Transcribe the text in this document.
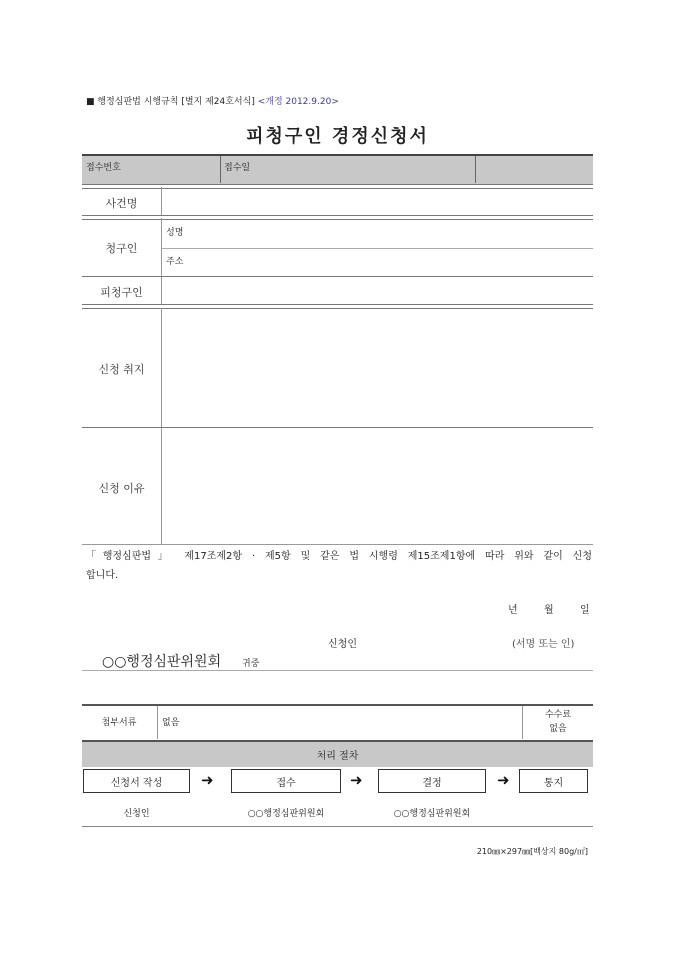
■ 행정심판법 시행규칙 [별지 제24호서식] <개정 2012.9.20>
피청구인 경정신청서
접수번호	접수일
사건명
청구인
성명
주소
피청구인
신청 취지
신청 이유
「행정심판법」 제17조제2항 · 제5항 및 같은 법 시행령 제15조제1항에 따라 위와 같이 신청
합니다.
년	월	일
신청인	(서명 또는 인)
○○행정심판위원회 귀중
첨부서류	없음
수수료
없음
처리 절차
신청서 작성	➜	접수	➜	결정	➜	통지
신청인	○○행정심판위원회	○○행정심판위원회
210㎜×297㎜[백상지 80g/㎡]
